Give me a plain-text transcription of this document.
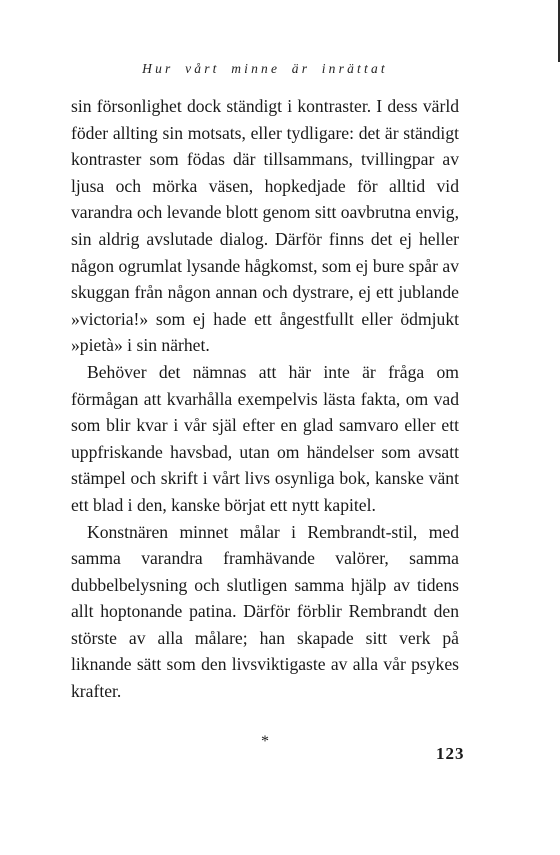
Hur vårt minne är inrättat

sin försonlighet dock ständigt i kontraster. I dess värld föder allting sin motsats, eller tydligare: det är ständigt kontraster som födas där tillsammans, tvillingpar av ljusa och mörka väsen, hopkedjade för alltid vid varandra och levande blott genom sitt oavbrutna envig, sin aldrig avslutade dialog. Därför finns det ej heller någon ogrumlat lysande hågkomst, som ej bure spår av skuggan från någon annan och dystrare, ej ett jublande »victoria!» som ej hade ett ångestfullt eller ödmjukt »pietà» i sin närhet.

Behöver det nämnas att här inte är fråga om förmågan att kvarhålla exempelvis lästa fakta, om vad som blir kvar i vår själ efter en glad samvaro eller ett uppfriskande havsbad, utan om händelser som avsatt stämpel och skrift i vårt livs osynliga bok, kanske vänt ett blad i den, kanske börjat ett nytt kapitel.

Konstnären minnet målar i Rembrandt-stil, med samma varandra framhävande valörer, samma dubbelbelysning och slutligen samma hjälp av tidens allt hoptonande patina. Därför förblir Rembrandt den störste av alla målare; han skapade sitt verk på liknande sätt som den livsviktigaste av alla vår psykes krafter.

*
123
